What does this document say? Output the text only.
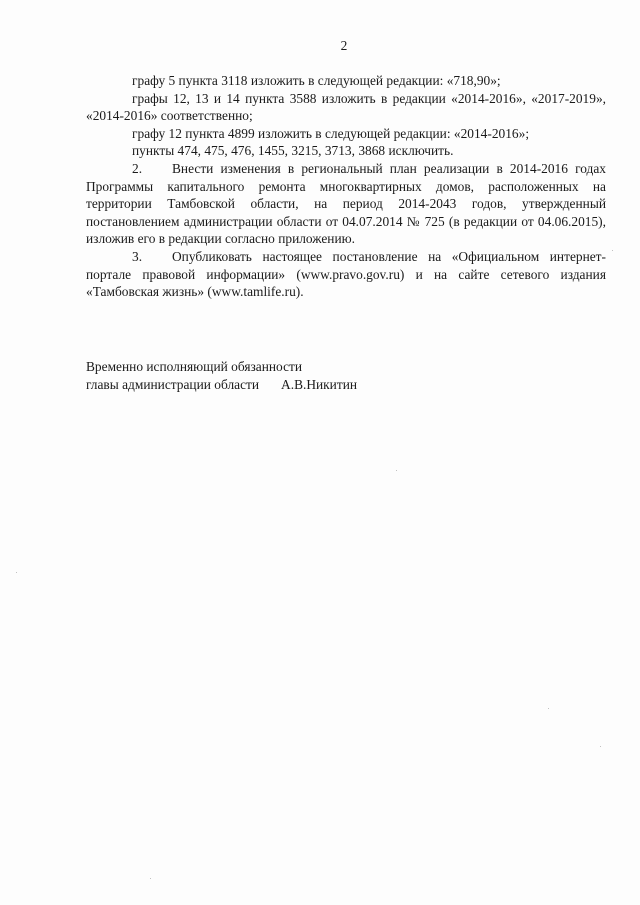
2

графу 5 пункта 3118 изложить в следующей редакции: «718,90»;

графы 12, 13 и 14 пункта 3588 изложить в редакции «2014-2016», «2017-2019», «2014-2016» соответственно;

графу 12 пункта 4899 изложить в следующей редакции: «2014-2016»;

пункты 474, 475, 476, 1455, 3215, 3713, 3868 исключить.

2. Внести изменения в региональный план реализации в 2014-2016 годах Программы капитального ремонта многоквартирных домов, расположенных на территории Тамбовской области, на период 2014-2043 годов, утвержденный постановлением администрации области от 04.07.2014 № 725 (в редакции от 04.06.2015), изложив его в редакции согласно приложению.

3. Опубликовать настоящее постановление на «Официальном интернет-портале правовой информации» (www.pravo.gov.ru) и на сайте сетевого издания «Тамбовская жизнь» (www.tamlife.ru).

Временно исполняющий обязанности

главы администрации области А.В.Никитин
